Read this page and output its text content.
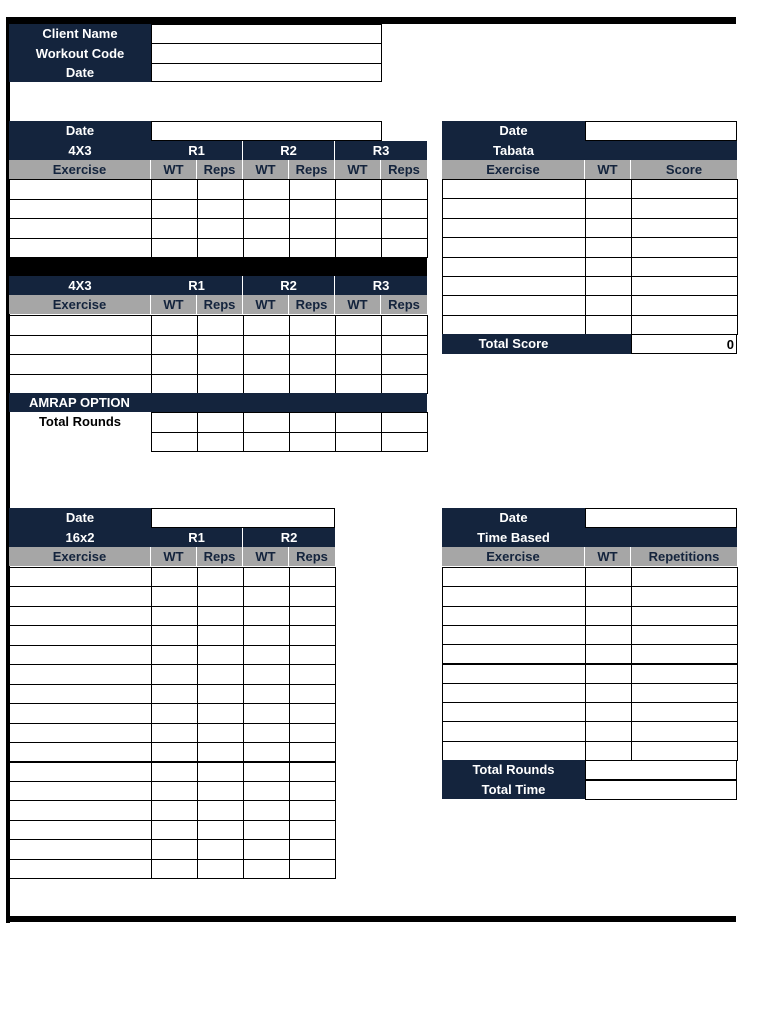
Client Name
Workout Code
Date
Date
4X3	R1	R2	R3
Exercise	WT	Reps	WT	Reps	WT	Reps
4X3	R1	R2	R3
Exercise	WT	Reps	WT	Reps	WT	Reps
AMRAP OPTION
Total Rounds
Date
Tabata
Exercise	WT	Score
Total Score	0
Date
16x2	R1	R2
Exercise	WT	Reps	WT	Reps
Date
Time Based
Exercise	WT	Repetitions
Total Rounds
Total Time
